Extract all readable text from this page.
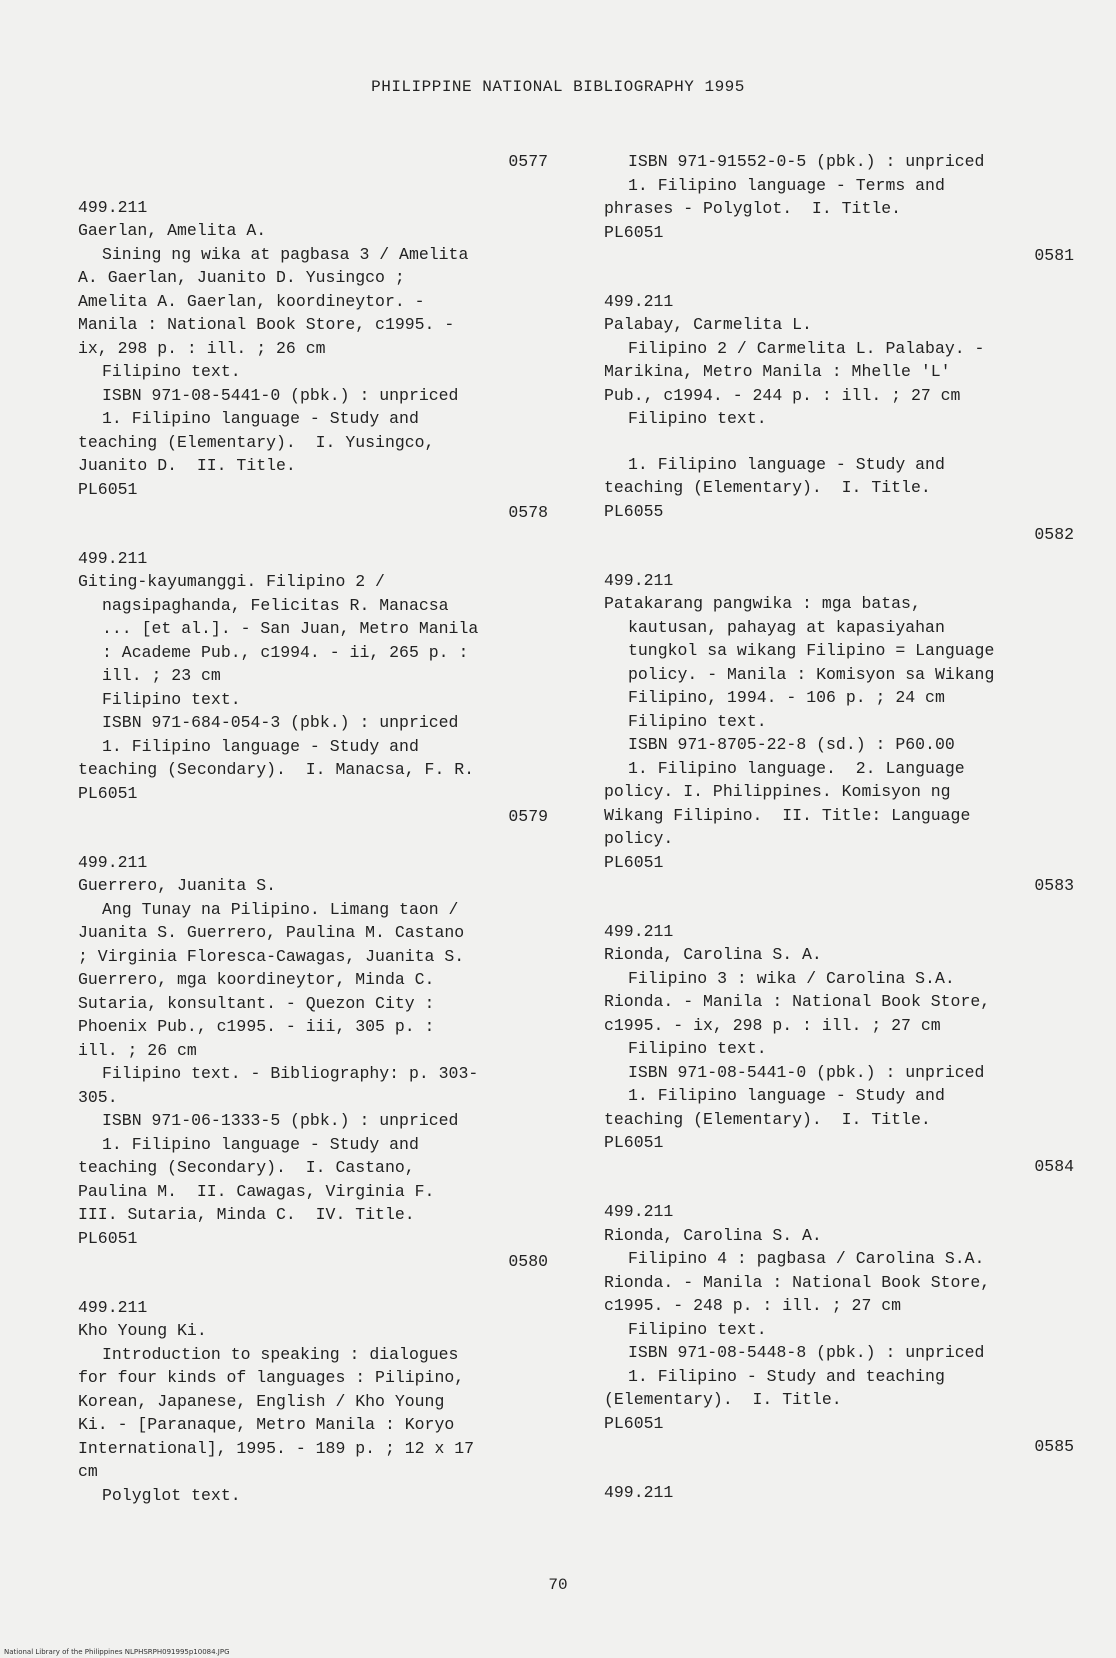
PHILIPPINE NATIONAL BIBLIOGRAPHY 1995
0577
499.211
Gaerlan, Amelita A.
Sining ng wika at pagbasa 3 / Amelita
A. Gaerlan, Juanito D. Yusingco ;
Amelita A. Gaerlan, koordineytor. -
Manila : National Book Store, c1995. -
ix, 298 p. : ill. ; 26 cm
Filipino text.
ISBN 971-08-5441-0 (pbk.) : unpriced
1. Filipino language - Study and
teaching (Elementary).  I. Yusingco,
Juanito D.  II. Title.
PL6051
0578
499.211
Giting-kayumanggi. Filipino 2 /
nagsipaghanda, Felicitas R. Manacsa
... [et al.]. - San Juan, Metro Manila
: Academe Pub., c1994. - ii, 265 p. :
ill. ; 23 cm
Filipino text.
ISBN 971-684-054-3 (pbk.) : unpriced
1. Filipino language - Study and
teaching (Secondary).  I. Manacsa, F. R.
PL6051
0579
499.211
Guerrero, Juanita S.
Ang Tunay na Pilipino. Limang taon /
Juanita S. Guerrero, Paulina M. Castano
; Virginia Floresca-Cawagas, Juanita S.
Guerrero, mga koordineytor, Minda C.
Sutaria, konsultant. - Quezon City :
Phoenix Pub., c1995. - iii, 305 p. :
ill. ; 26 cm
Filipino text. - Bibliography: p. 303-
305.
ISBN 971-06-1333-5 (pbk.) : unpriced
1. Filipino language - Study and
teaching (Secondary).  I. Castano,
Paulina M.  II. Cawagas, Virginia F.
III. Sutaria, Minda C.  IV. Title.
PL6051
0580
499.211
Kho Young Ki.
Introduction to speaking : dialogues
for four kinds of languages : Pilipino,
Korean, Japanese, English / Kho Young
Ki. - [Paranaque, Metro Manila : Koryo
International], 1995. - 189 p. ; 12 x 17
cm
Polyglot text.
ISBN 971-91552-0-5 (pbk.) : unpriced
1. Filipino language - Terms and
phrases - Polyglot.  I. Title.
PL6051
0581
499.211
Palabay, Carmelita L.
Filipino 2 / Carmelita L. Palabay. -
Marikina, Metro Manila : Mhelle 'L'
Pub., c1994. - 244 p. : ill. ; 27 cm
Filipino text.
1. Filipino language - Study and
teaching (Elementary).  I. Title.
PL6055
0582
499.211
Patakarang pangwika : mga batas,
kautusan, pahayag at kapasiyahan
tungkol sa wikang Filipino = Language
policy. - Manila : Komisyon sa Wikang
Filipino, 1994. - 106 p. ; 24 cm
Filipino text.
ISBN 971-8705-22-8 (sd.) : P60.00
1. Filipino language.  2. Language
policy. I. Philippines. Komisyon ng
Wikang Filipino.  II. Title: Language
policy.
PL6051
0583
499.211
Rionda, Carolina S. A.
Filipino 3 : wika / Carolina S.A.
Rionda. - Manila : National Book Store,
c1995. - ix, 298 p. : ill. ; 27 cm
Filipino text.
ISBN 971-08-5441-0 (pbk.) : unpriced
1. Filipino language - Study and
teaching (Elementary).  I. Title.
PL6051
0584
499.211
Rionda, Carolina S. A.
Filipino 4 : pagbasa / Carolina S.A.
Rionda. - Manila : National Book Store,
c1995. - 248 p. : ill. ; 27 cm
Filipino text.
ISBN 971-08-5448-8 (pbk.) : unpriced
1. Filipino - Study and teaching
(Elementary).  I. Title.
PL6051
0585
499.211
70
National Library of the Philippines NLPHSRPH091995p10084.JPG
